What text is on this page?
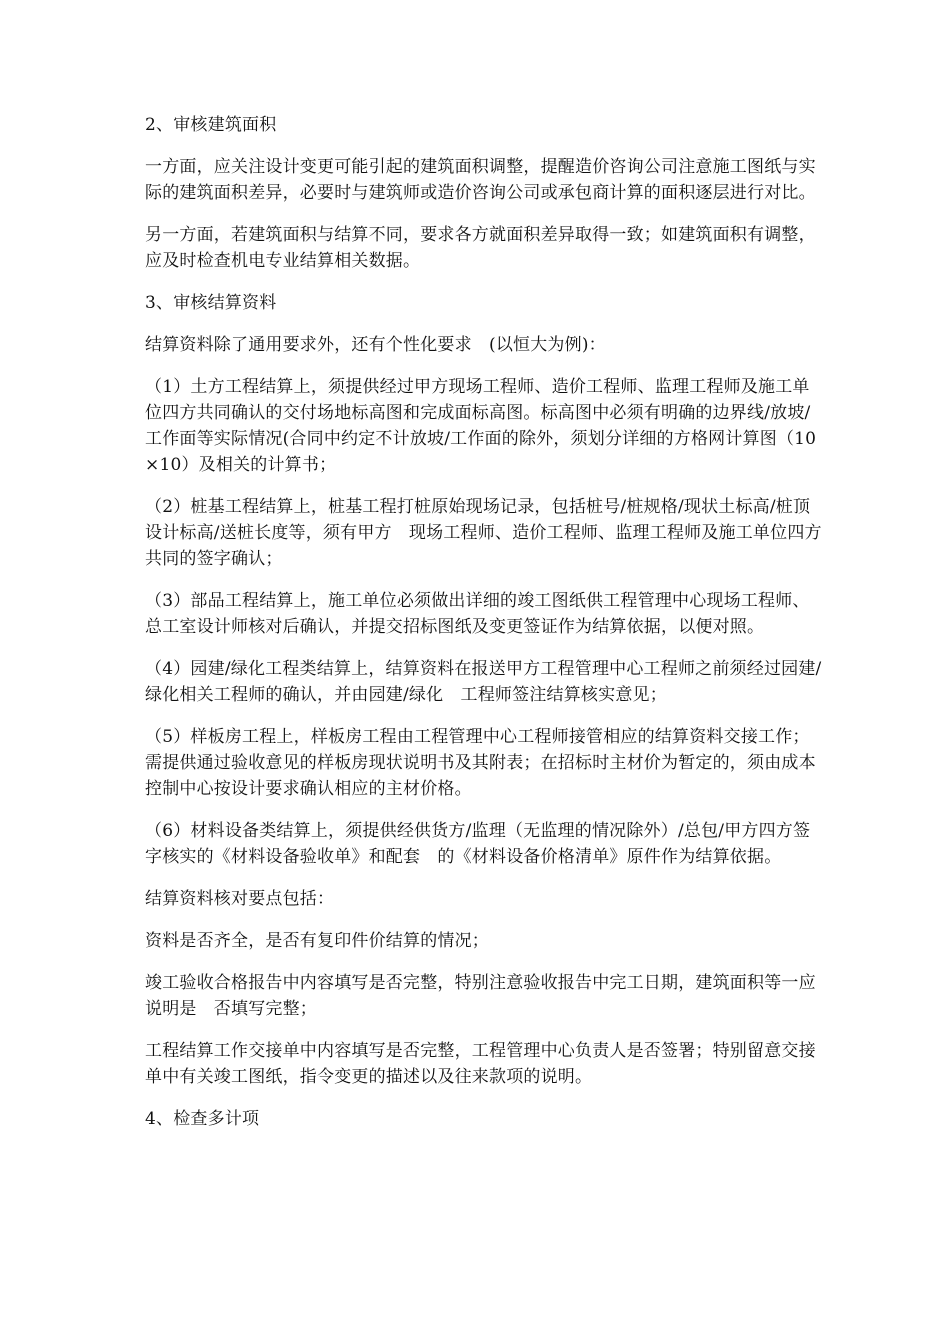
2、审核建筑面积

一方面，应关注设计变更可能引起的建筑面积调整，提醒造价咨询公司注意施工图纸与实际的建筑面积差异，必要时与建筑师或造价咨询公司或承包商计算的面积逐层进行对比。

另一方面，若建筑面积与结算不同，要求各方就面积差异取得一致；如建筑面积有调整，应及时检查机电专业结算相关数据。

3、审核结算资料

结算资料除了通用要求外，还有个性化要求　(以恒大为例)：

（1）土方工程结算上，须提供经过甲方现场工程师、造价工程师、监理工程师及施工单位四方共同确认的交付场地标高图和完成面标高图。标高图中必须有明确的边界线/放坡/工作面等实际情况(合同中约定不计放坡/工作面的除外，须划分详细的方格网计算图（10×10）及相关的计算书；

（2）桩基工程结算上，桩基工程打桩原始现场记录，包括桩号/桩规格/现状土标高/桩顶设计标高/送桩长度等，须有甲方　现场工程师、造价工程师、监理工程师及施工单位四方共同的签字确认；

（3）部品工程结算上，施工单位必须做出详细的竣工图纸供工程管理中心现场工程师、总工室设计师核对后确认，并提交招标图纸及变更签证作为结算依据，以便对照。

（4）园建/绿化工程类结算上，结算资料在报送甲方工程管理中心工程师之前须经过园建/绿化相关工程师的确认，并由园建/绿化　工程师签注结算核实意见；

（5）样板房工程上，样板房工程由工程管理中心工程师接管相应的结算资料交接工作；需提供通过验收意见的样板房现状说明书及其附表；在招标时主材价为暂定的，须由成本控制中心按设计要求确认相应的主材价格。

（6）材料设备类结算上，须提供经供货方/监理（无监理的情况除外）/总包/甲方四方签字核实的《材料设备验收单》和配套　的《材料设备价格清单》原件作为结算依据。

结算资料核对要点包括：

资料是否齐全，是否有复印件价结算的情况；

竣工验收合格报告中内容填写是否完整，特别注意验收报告中完工日期，建筑面积等一应说明是　否填写完整；

工程结算工作交接单中内容填写是否完整，工程管理中心负责人是否签署；特别留意交接单中有关竣工图纸，指令变更的描述以及往来款项的说明。

4、检查多计项
